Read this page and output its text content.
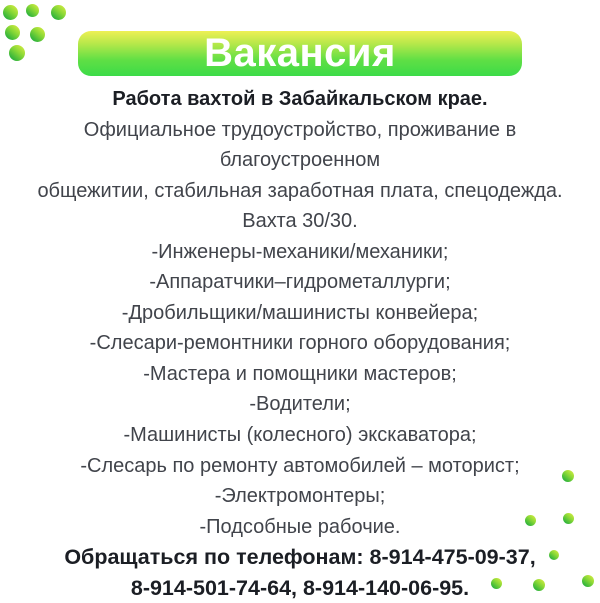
Вакансия
Работа вахтой в Забайкальском крае.
Официальное трудоустройство, проживание в
благоустроенном
общежитии, стабильная заработная плата, спецодежда.
Вахта 30/30.
-Инженеры-механики/механики;
-Аппаратчики–гидрометаллурги;
-Дробильщики/машинисты конвейера;
-Слесари-ремонтники горного оборудования;
-Мастера и помощники мастеров;
-Водители;
-Машинисты (колесного) экскаватора;
-Слесарь по ремонту автомобилей – моторист;
-Электромонтеры;
-Подсобные рабочие.
Обращаться по телефонам: 8-914-475-09-37,
8-914-501-74-64, 8-914-140-06-95.
